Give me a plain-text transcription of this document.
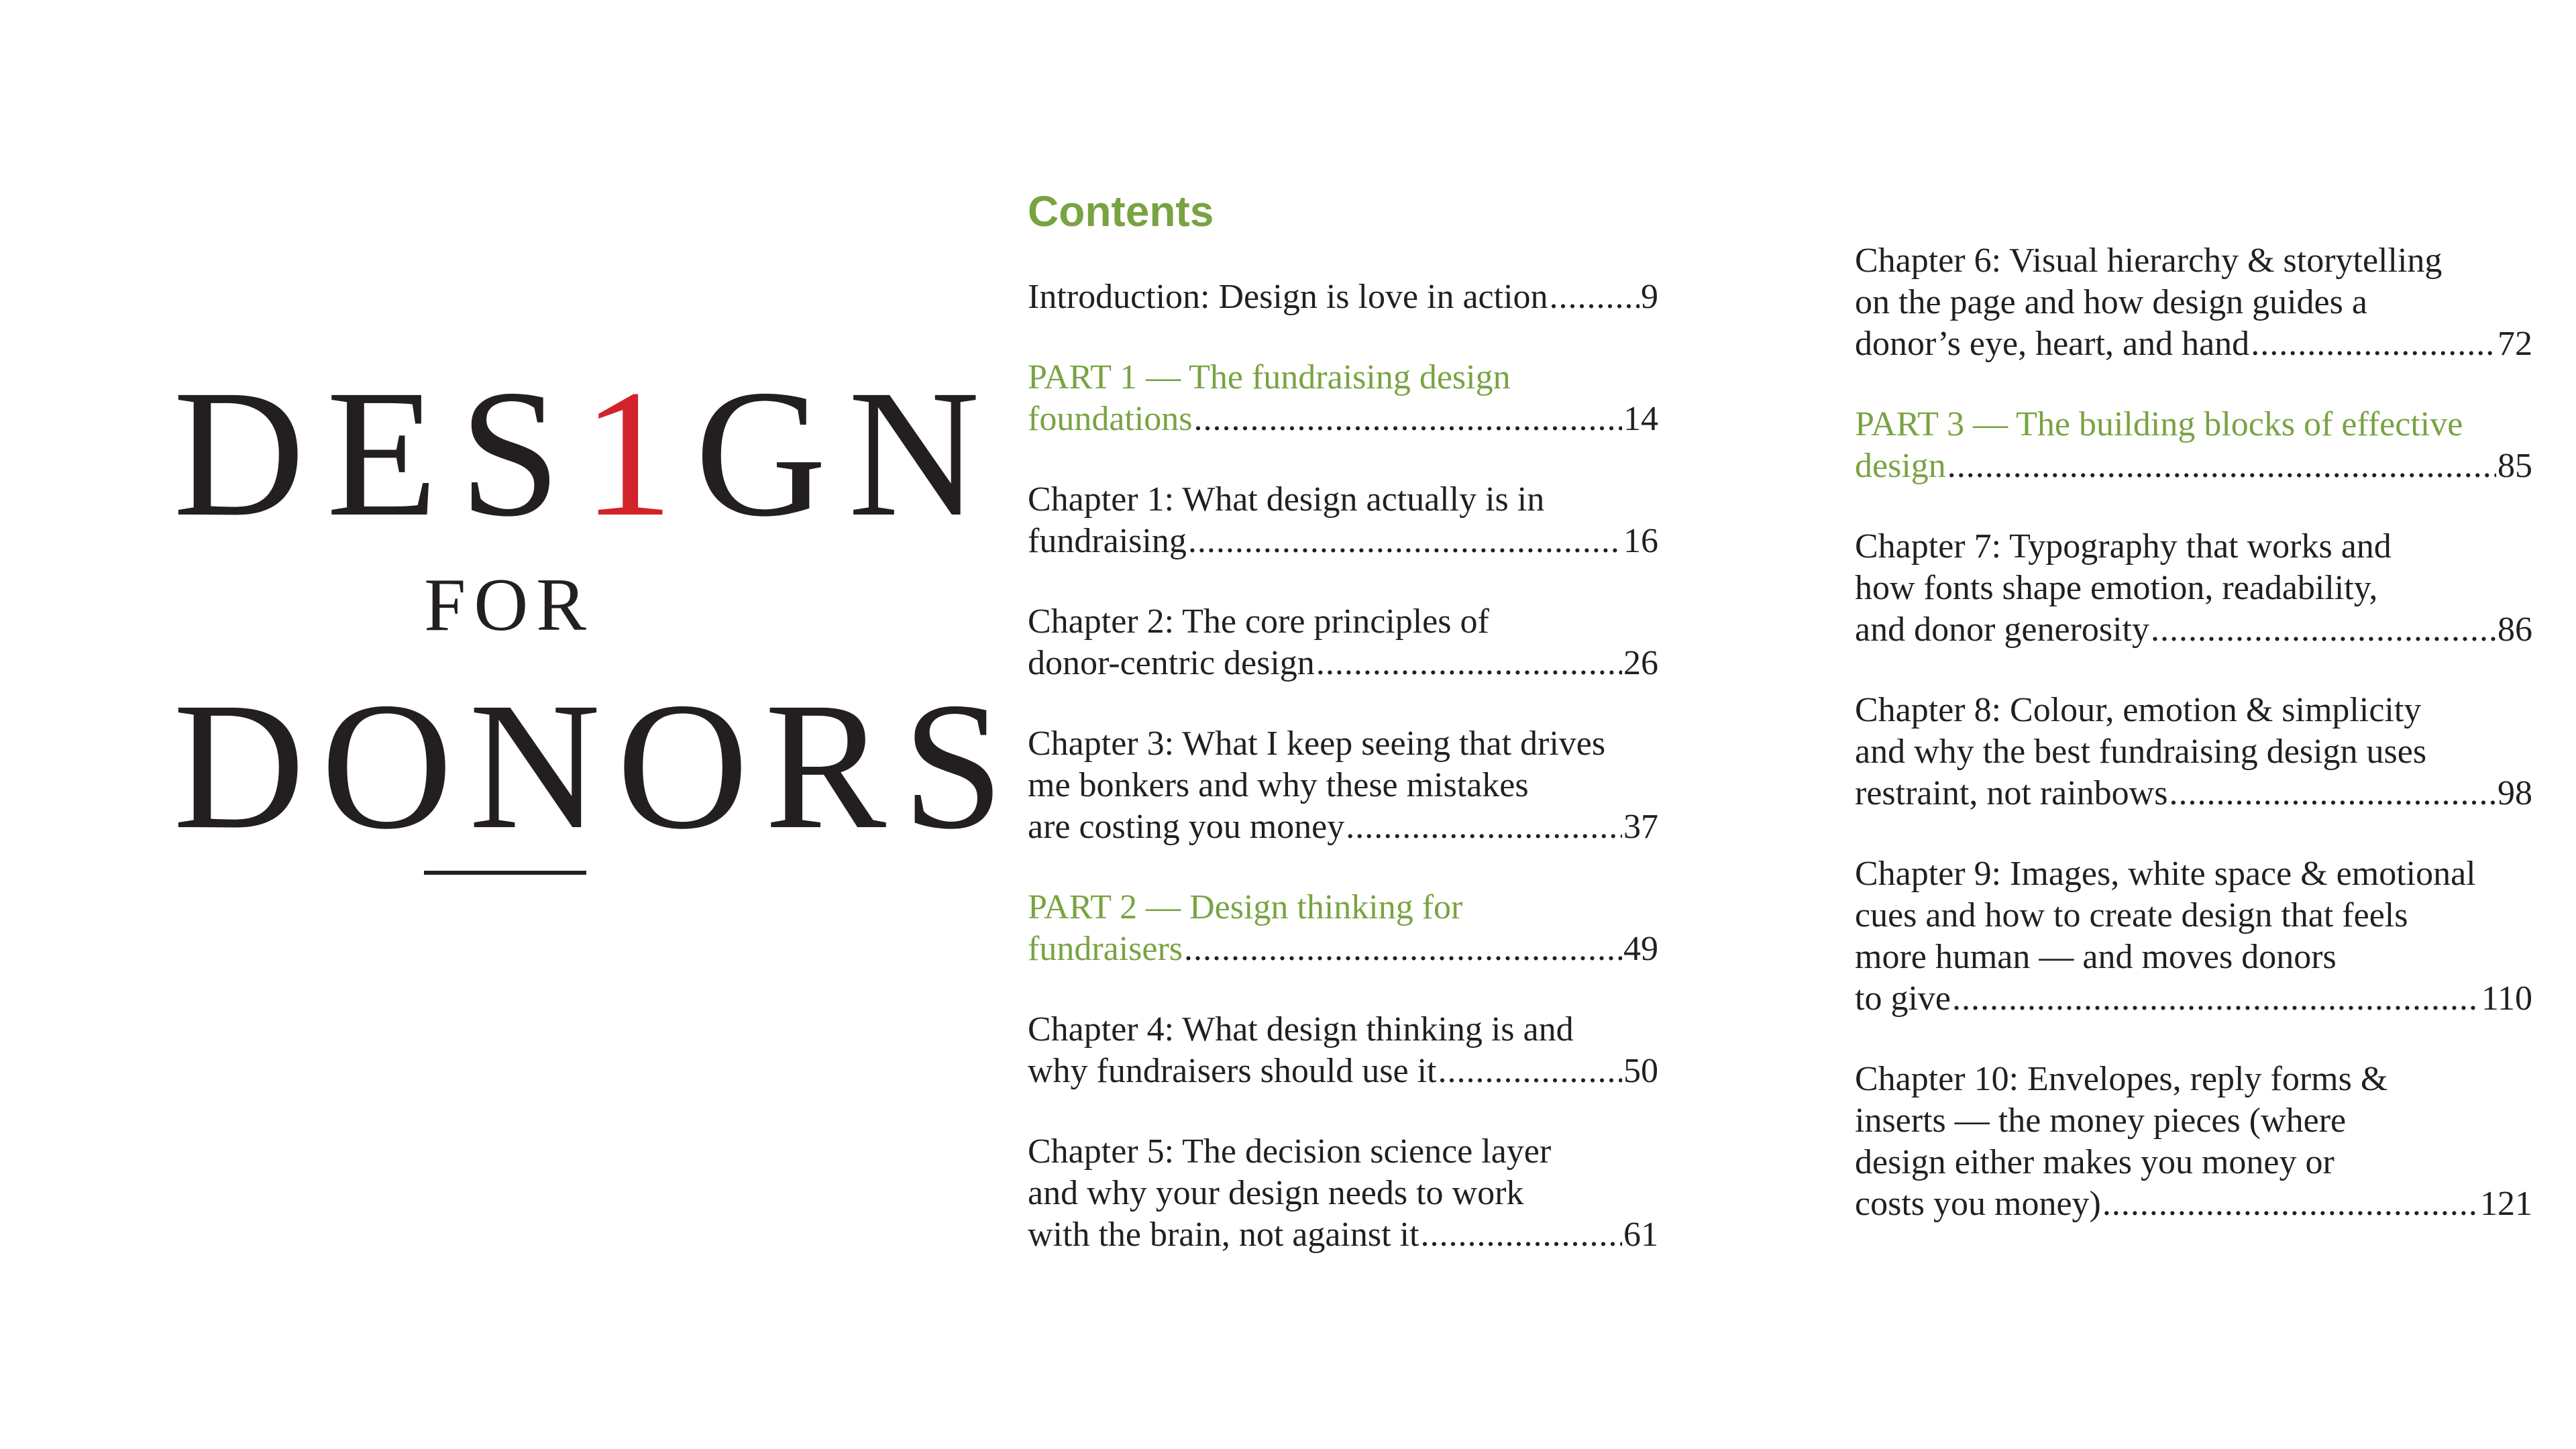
DES1GN
FOR
DONORS
Contents
Introduction: Design is love in action .....	9
PART 1 — The fundraising design
foundations .....	14
Chapter 1: What design actually is in
fundraising .....	16
Chapter 2: The core principles of
donor-centric design .....	26
Chapter 3: What I keep seeing that drives
me bonkers and why these mistakes
are costing you money .....	37
PART 2 — Design thinking for
fundraisers .....	49
Chapter 4: What design thinking is and
why fundraisers should use it .....	50
Chapter 5: The decision science layer
and why your design needs to work
with the brain, not against it .....	61
Chapter 6: Visual hierarchy & storytelling
on the page and how design guides a
donor’s eye, heart, and hand .....	72
PART 3 — The building blocks of effective
design .....	85
Chapter 7: Typography that works and
how fonts shape emotion, readability,
and donor generosity .....	86
Chapter 8: Colour, emotion & simplicity
and why the best fundraising design uses
restraint, not rainbows .....	98
Chapter 9: Images, white space & emotional
cues and how to create design that feels
more human — and moves donors
to give .....	110
Chapter 10: Envelopes, reply forms &
inserts — the money pieces (where
design either makes you money or
costs you money) .....	121
